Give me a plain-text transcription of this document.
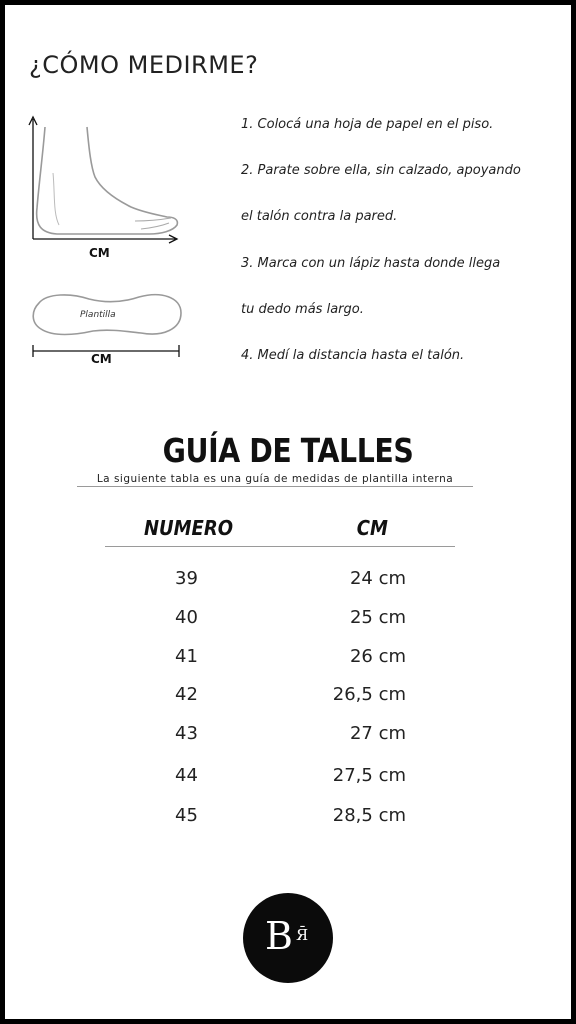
¿CÓMO MEDIRME?
CM
Plantilla
CM
1. Colocá una hoja de papel en el piso.
2. Parate sobre ella, sin calzado, apoyando
el talón contra la pared.
3. Marca con un lápiz hasta donde llega
tu dedo más largo.
4. Medí la distancia hasta el talón.
GUÍA DE TALLES
La siguiente tabla es una guía de medidas de plantilla interna
NUMERO	CM
39	24 cm
40	25 cm
41	26 cm
42	26,5 cm
43	27 cm
44	27,5 cm
45	28,5 cm
B Я̄
